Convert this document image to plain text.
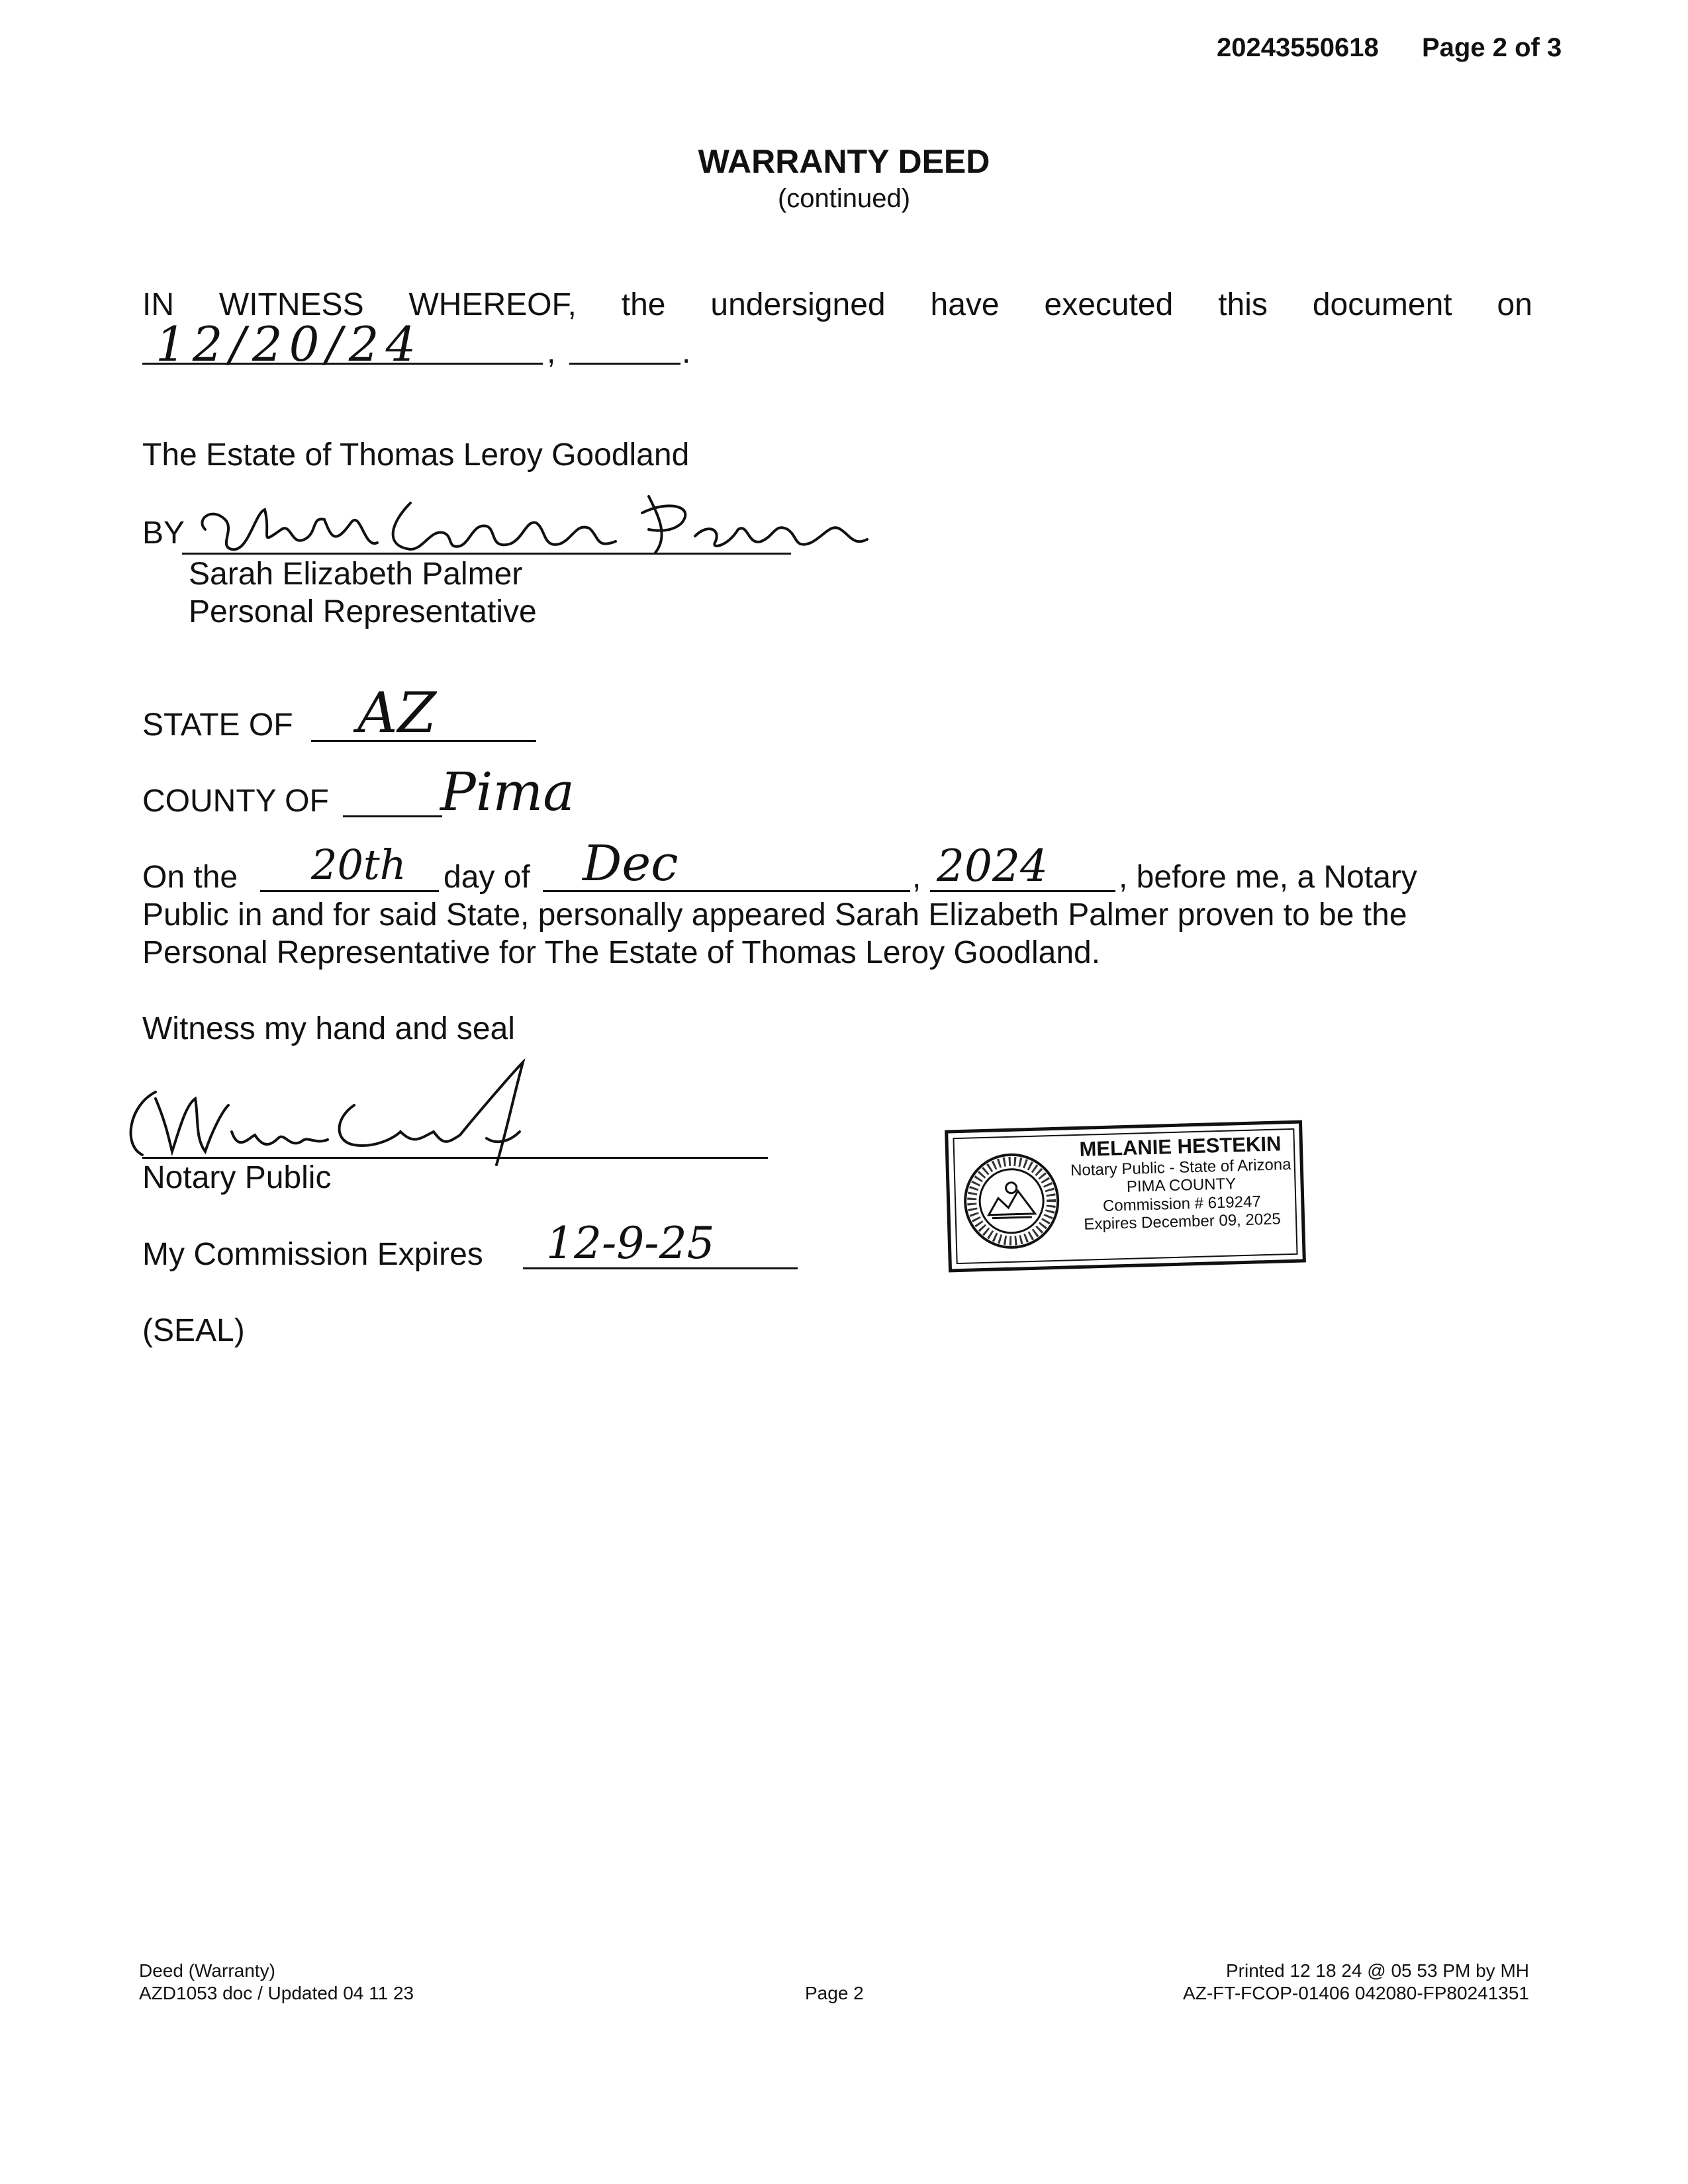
20243550618 Page 2 of 3
WARRANTY DEED
(continued)
IN WITNESS WHEREOF, the undersigned have executed this document on
12/20/24	,	.
The Estate of Thomas Leroy Goodland
BY
Sarah Elizabeth Palmer
Personal Representative
STATE OF AZ
COUNTY OF Pima
On the 20th day of Dec	, 2024 , before me, a Notary
Public in and for said State, personally appeared Sarah Elizabeth Palmer proven to be the
Personal Representative for The Estate of Thomas Leroy Goodland.
Witness my hand and seal
Notary Public
My Commission Expires 12-9-25
(SEAL)
MELANIE HESTEKIN
Notary Public - State of Arizona
PIMA COUNTY
Commission # 619247
Expires December 09, 2025
Deed (Warranty)
AZD1053 doc / Updated 04 11 23	Page 2
Printed 12 18 24 @ 05 53 PM by MH
AZ-FT-FCOP-01406 042080-FP80241351
